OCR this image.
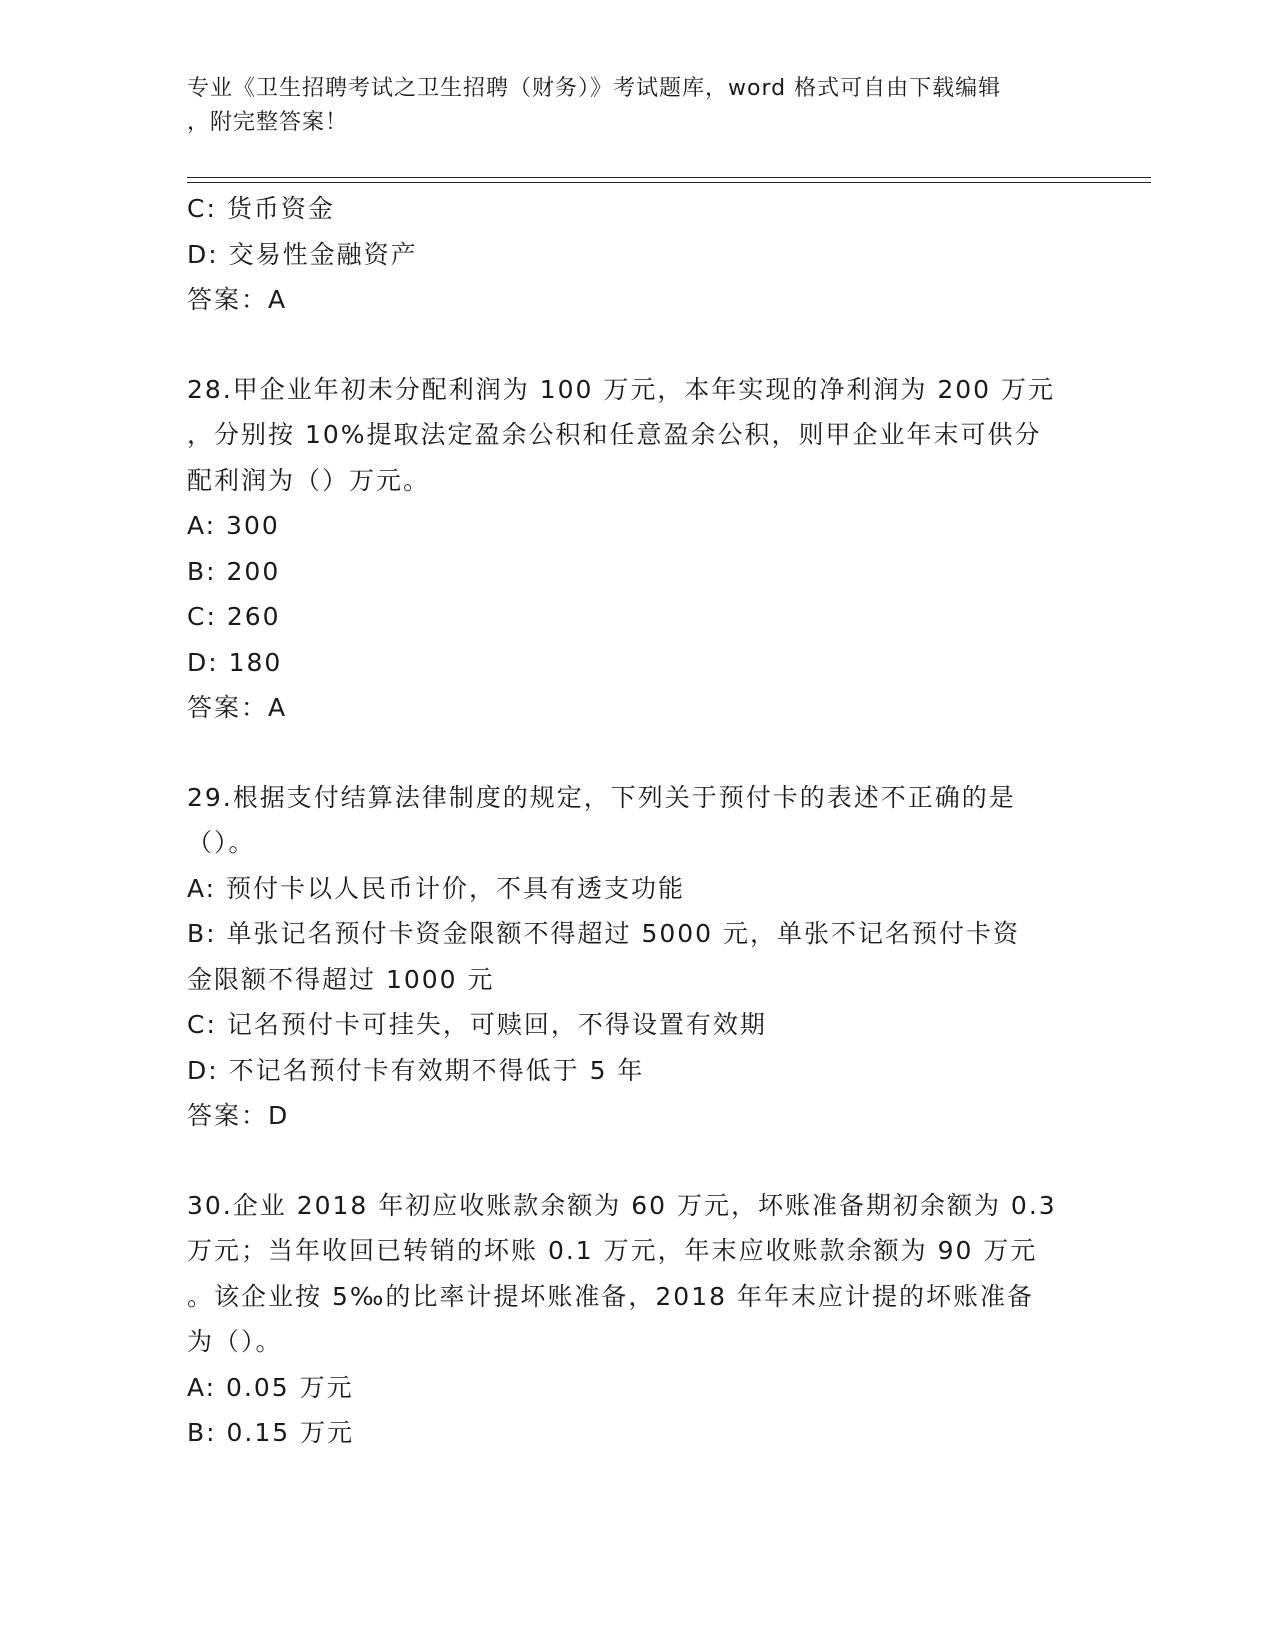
专业《卫生招聘考试之卫生招聘（财务）》考试题库，word 格式可自由下载编辑
，附完整答案！
C: 货币资金
D: 交易性金融资产
答案：A
28.甲企业年初未分配利润为 100 万元，本年实现的净利润为 200 万元
，分别按 10%提取法定盈余公积和任意盈余公积，则甲企业年末可供分
配利润为（）万元。
A: 300
B: 200
C: 260
D: 180
答案：A
29.根据支付结算法律制度的规定，下列关于预付卡的表述不正确的是
（）。
A: 预付卡以人民币计价，不具有透支功能
B: 单张记名预付卡资金限额不得超过 5000 元，单张不记名预付卡资
金限额不得超过 1000 元
C: 记名预付卡可挂失，可赎回，不得设置有效期
D: 不记名预付卡有效期不得低于 5 年
答案：D
30.企业 2018 年初应收账款余额为 60 万元，坏账准备期初余额为 0.3
万元；当年收回已转销的坏账 0.1 万元，年末应收账款余额为 90 万元
。该企业按 5‰的比率计提坏账准备，2018 年年末应计提的坏账准备
为（）。
A: 0.05 万元
B: 0.15 万元
